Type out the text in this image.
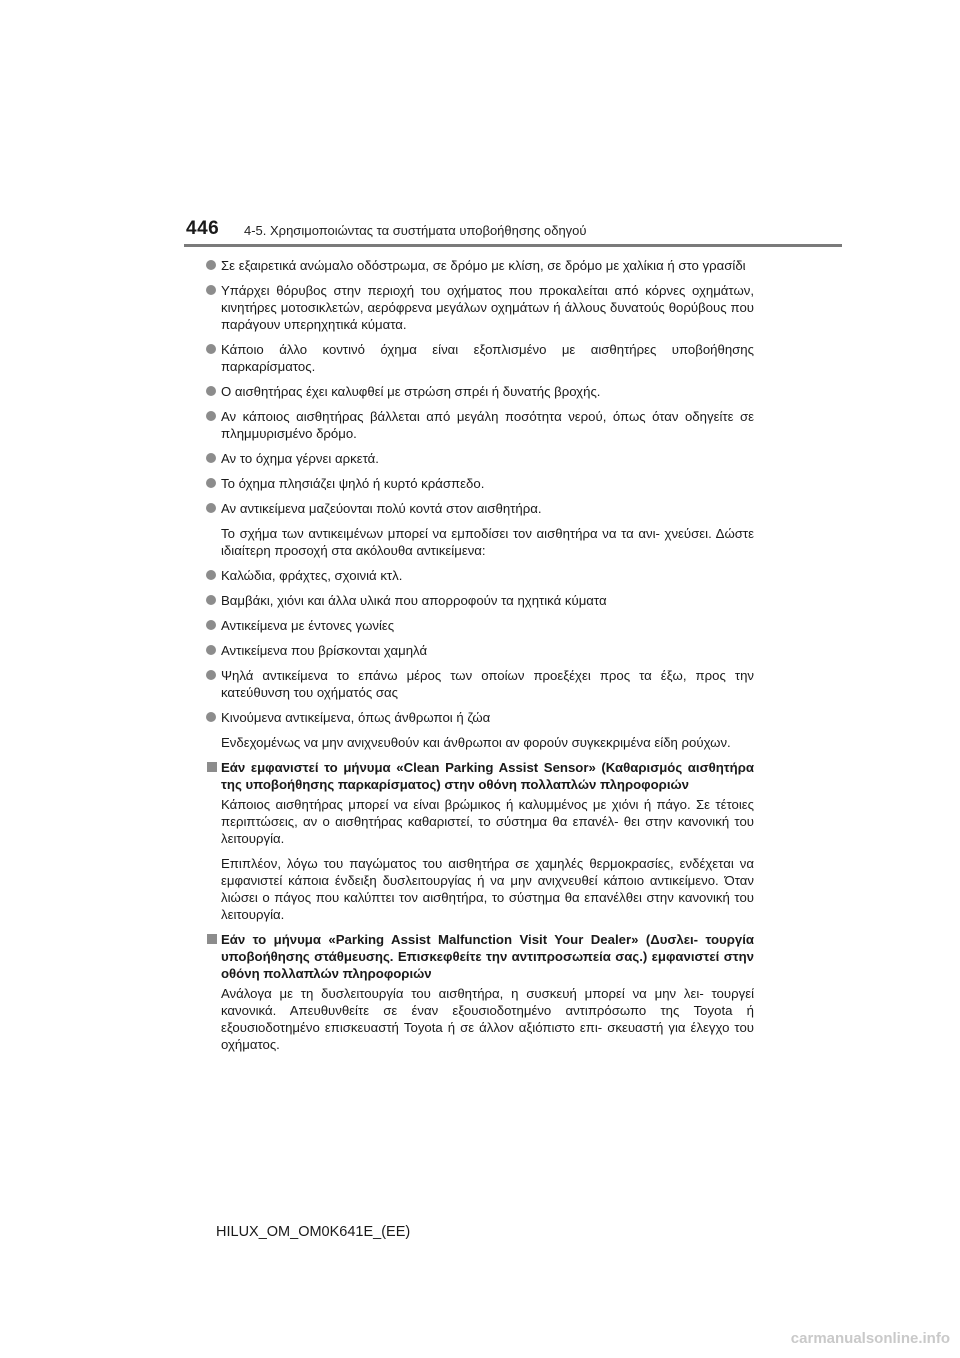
446 4-5. Χρησιμοποιώντας τα συστήματα υποβοήθησης οδηγού
Σε εξαιρετικά ανώμαλο οδόστρωμα, σε δρόμο με κλίση, σε δρόμο με χαλίκια ή στο γρασίδι
Υπάρχει θόρυβος στην περιοχή του οχήματος που προκαλείται από κόρνες οχημάτων, κινητήρες μοτοσικλετών, αερόφρενα μεγάλων οχημάτων ή άλλους δυνατούς θορύβους που παράγουν υπερηχητικά κύματα.
Κάποιο άλλο κοντινό όχημα είναι εξοπλισμένο με αισθητήρες υποβοήθησης παρκαρίσματος.
Ο αισθητήρας έχει καλυφθεί με στρώση σπρέι ή δυνατής βροχής.
Αν κάποιος αισθητήρας βάλλεται από μεγάλη ποσότητα νερού, όπως όταν οδηγείτε σε πλημμυρισμένο δρόμο.
Αν το όχημα γέρνει αρκετά.
Το όχημα πλησιάζει ψηλό ή κυρτό κράσπεδο.
Αν αντικείμενα μαζεύονται πολύ κοντά στον αισθητήρα.

Το σχήμα των αντικειμένων μπορεί να εμποδίσει τον αισθητήρα να τα ανι- χνεύσει. Δώστε ιδιαίτερη προσοχή στα ακόλουθα αντικείμενα:

Καλώδια, φράχτες, σχοινιά κτλ.
Βαμβάκι, χιόνι και άλλα υλικά που απορροφούν τα ηχητικά κύματα
Αντικείμενα με έντονες γωνίες
Αντικείμενα που βρίσκονται χαμηλά
Ψηλά αντικείμενα το επάνω μέρος των οποίων προεξέχει προς τα έξω, προς την κατεύθυνση του οχήματός σας
Κινούμενα αντικείμενα, όπως άνθρωποι ή ζώα

Ενδεχομένως να μην ανιχνευθούν και άνθρωποι αν φορούν συγκεκριμένα είδη ρούχων.

Εάν εμφανιστεί το μήνυμα «Clean Parking Assist Sensor» (Καθαρισμός αισθητήρα της υποβοήθησης παρκαρίσματος) στην οθόνη πολλαπλών πληροφοριών

Κάποιος αισθητήρας μπορεί να είναι βρώμικος ή καλυμμένος με χιόνι ή πάγο. Σε τέτοιες περιπτώσεις, αν ο αισθητήρας καθαριστεί, το σύστημα θα επανέλ- θει στην κανονική του λειτουργία.

Επιπλέον, λόγω του παγώματος του αισθητήρα σε χαμηλές θερμοκρασίες, ενδέχεται να εμφανιστεί κάποια ένδειξη δυσλειτουργίας ή να μην ανιχνευθεί κάποιο αντικείμενο. Όταν λιώσει ο πάγος που καλύπτει τον αισθητήρα, το σύστημα θα επανέλθει στην κανονική του λειτουργία.

Εάν το μήνυμα «Parking Assist Malfunction Visit Your Dealer» (Δυσλει- τουργία υποβοήθησης στάθμευσης. Επισκεφθείτε την αντιπροσωπεία σας.) εμφανιστεί στην οθόνη πολλαπλών πληροφοριών

Ανάλογα με τη δυσλειτουργία του αισθητήρα, η συσκευή μπορεί να μην λει- τουργεί κανονικά. Απευθυνθείτε σε έναν εξουσιοδοτημένο αντιπρόσωπο της Toyota ή εξουσιοδοτημένο επισκευαστή Toyota ή σε άλλον αξιόπιστο επι- σκευαστή για έλεγχο του οχήματος.

HILUX_OM_OM0K641E_(EE)
carmanualsonline.info
